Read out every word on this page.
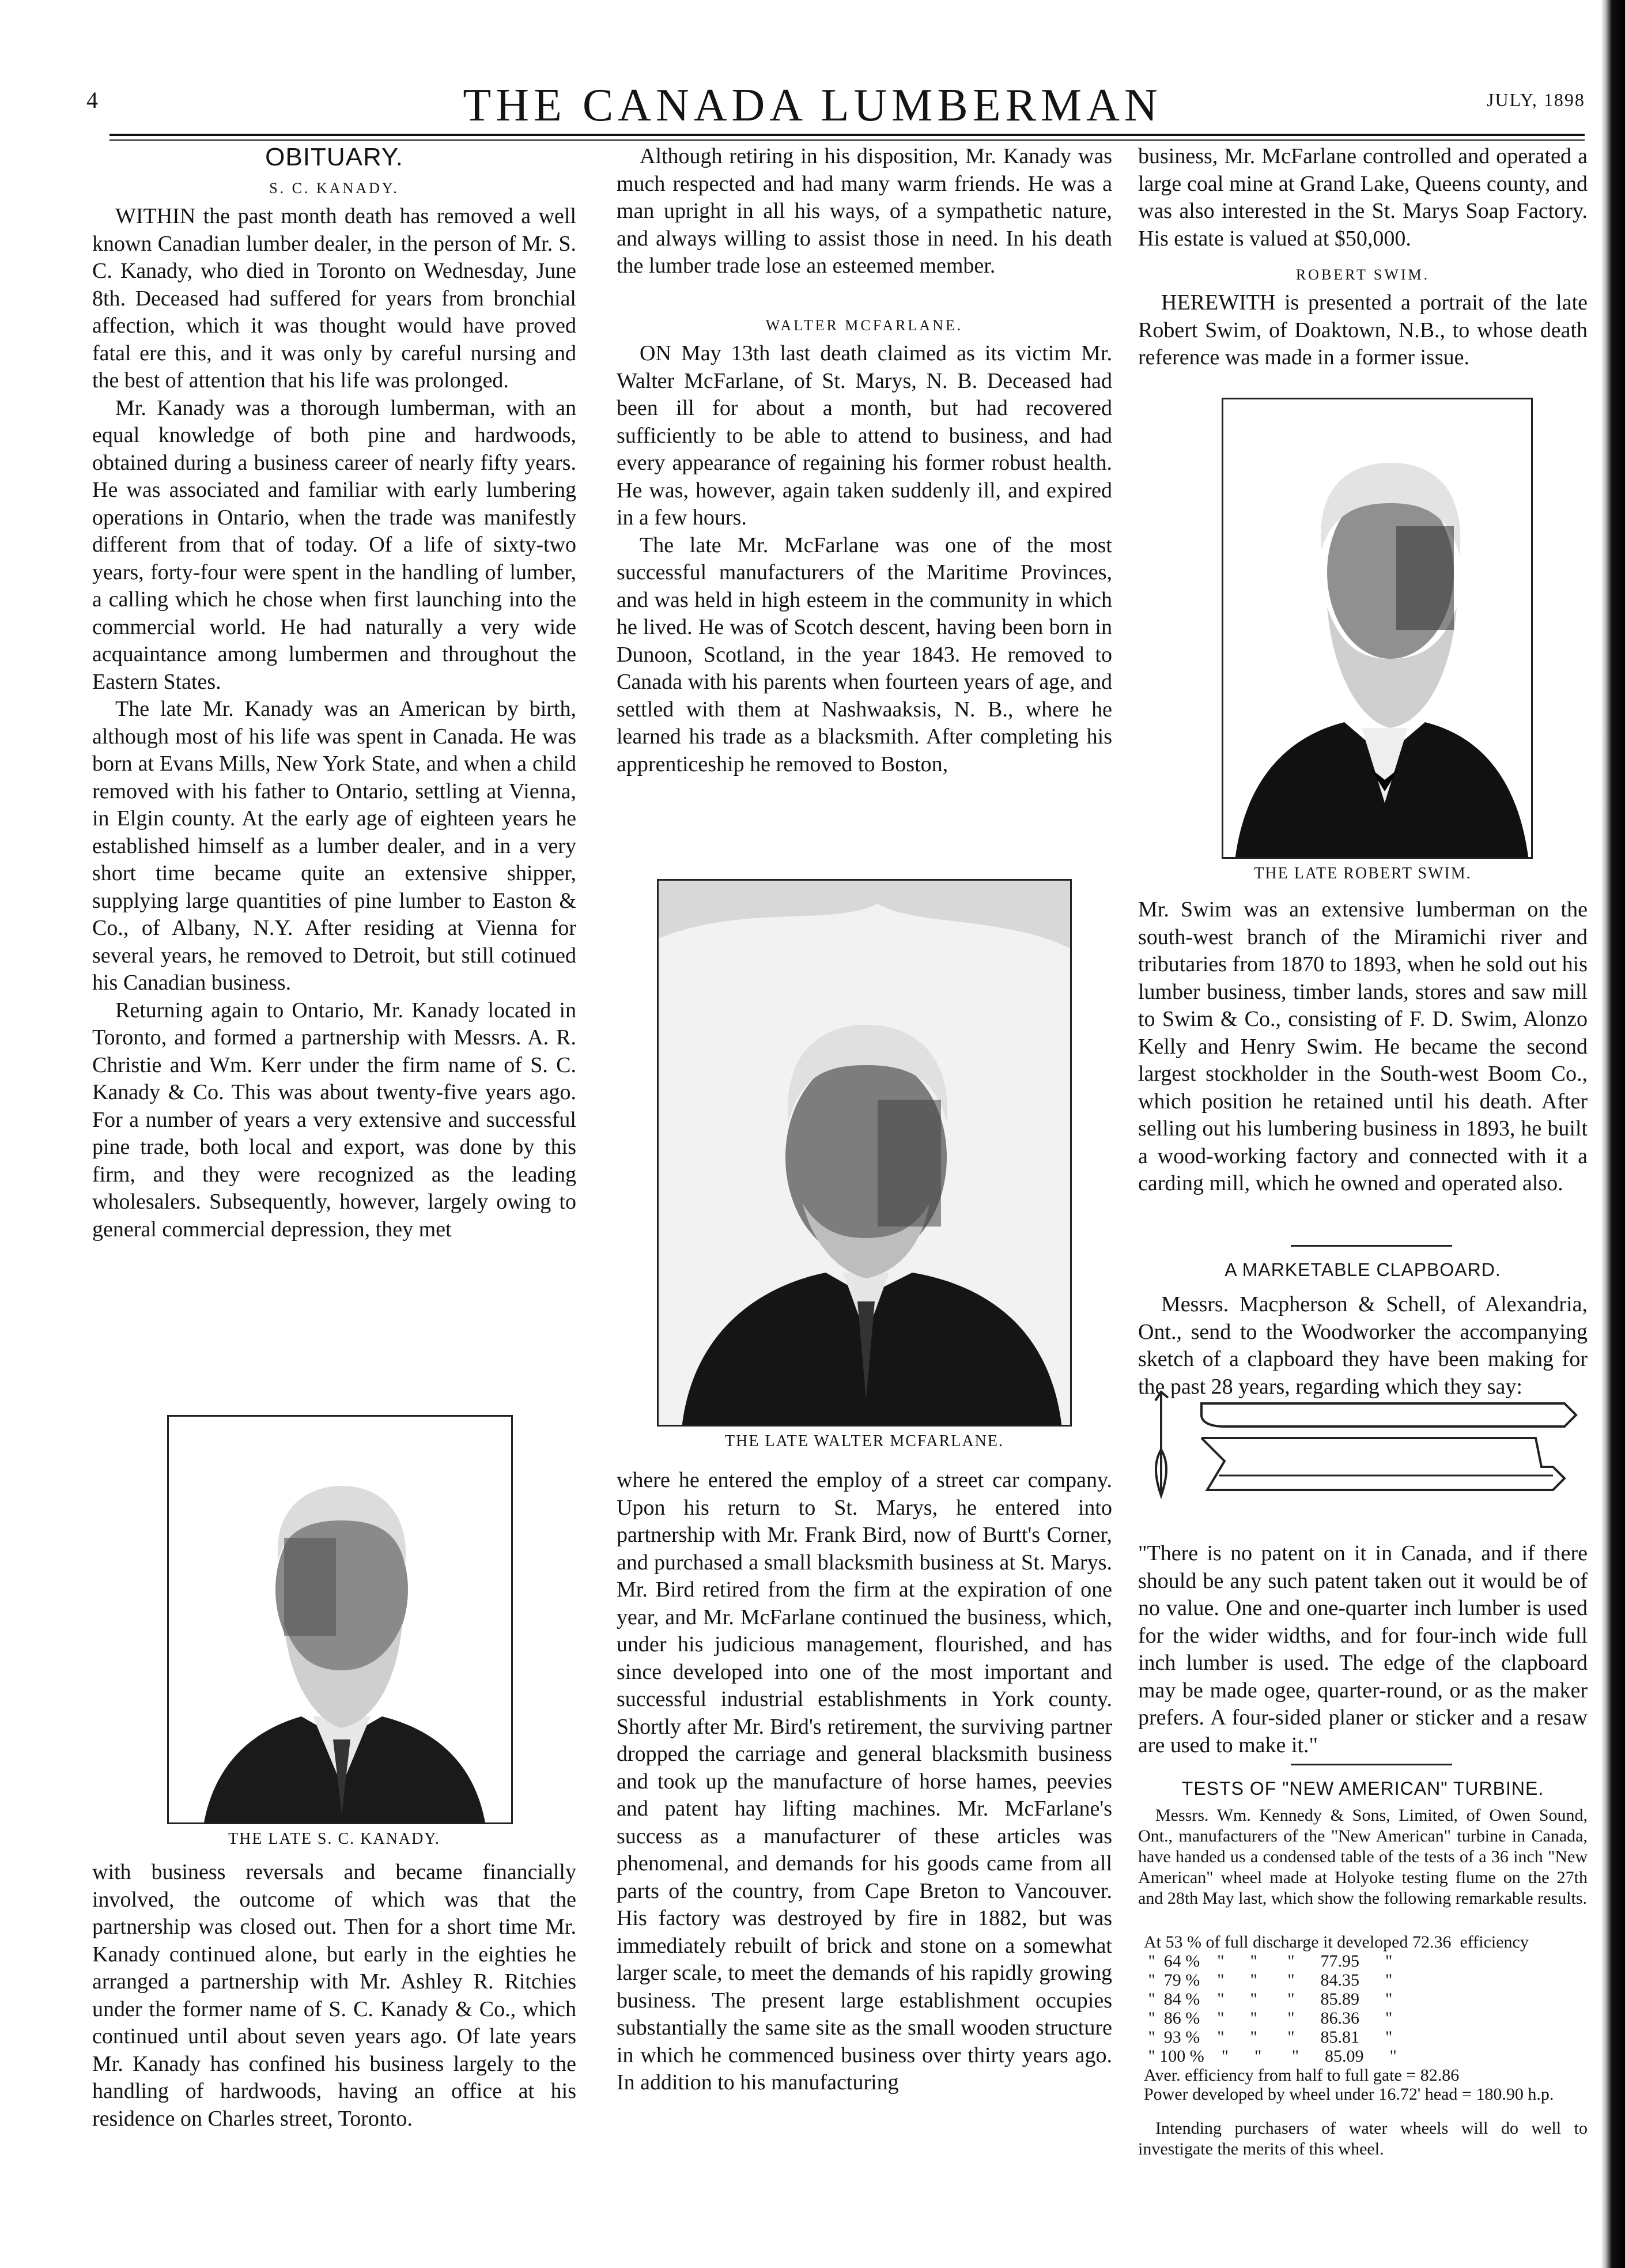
4	THE CANADA LUMBERMAN	JULY, 1898
OBITUARY.
S. C. KANADY.

WITHIN the past month death has removed a well known Canadian lumber dealer, in the person of Mr. S. C. Kanady, who died in Toronto on Wednesday, June 8th. Deceased had suffered for years from bronchial affection, which it was thought would have proved fatal ere this, and it was only by careful nursing and the best of attention that his life was prolonged.

Mr. Kanady was a thorough lumberman, with an equal knowledge of both pine and hardwoods, obtained during a business career of nearly fifty years. He was associated and familiar with early lumbering operations in Ontario, when the trade was manifestly different from that of today. Of a life of sixty-two years, forty-four were spent in the handling of lumber, a calling which he chose when first launching into the commercial world. He had naturally a very wide acquaintance among lumbermen and throughout the Eastern States.

The late Mr. Kanady was an American by birth, although most of his life was spent in Canada. He was born at Evans Mills, New York State, and when a child removed with his father to Ontario, settling at Vienna, in Elgin county. At the early age of eighteen years he established himself as a lumber dealer, and in a very short time became quite an extensive shipper, supplying large quantities of pine lumber to Easton & Co., of Albany, N.Y. After residing at Vienna for several years, he removed to Detroit, but still cotinued his Canadian business.

Returning again to Ontario, Mr. Kanady located in Toronto, and formed a partnership with Messrs. A. R. Christie and Wm. Kerr under the firm name of S. C. Kanady & Co. This was about twenty-five years ago. For a number of years a very extensive and successful pine trade, both local and export, was done by this firm, and they were recognized as the leading wholesalers. Subsequently, however, largely owing to general commercial depression, they met

THE LATE S. C. KANADY.

with business reversals and became financially involved, the outcome of which was that the partnership was closed out. Then for a short time Mr. Kanady continued alone, but early in the eighties he arranged a partnership with Mr. Ashley R. Ritchies under the former name of S. C. Kanady & Co., which continued until about seven years ago. Of late years Mr. Kanady has confined his business largely to the handling of hardwoods, having an office at his residence on Charles street, Toronto.

Although retiring in his disposition, Mr. Kanady was much respected and had many warm friends. He was a man upright in all his ways, of a sympathetic nature, and always willing to assist those in need. In his death the lumber trade lose an esteemed member.

WALTER MCFARLANE.

ON May 13th last death claimed as its victim Mr. Walter McFarlane, of St. Marys, N. B. Deceased had been ill for about a month, but had recovered sufficiently to be able to attend to business, and had every appearance of regaining his former robust health. He was, however, again taken suddenly ill, and expired in a few hours.

The late Mr. McFarlane was one of the most successful manufacturers of the Maritime Provinces, and was held in high esteem in the community in which he lived. He was of Scotch descent, having been born in Dunoon, Scotland, in the year 1843. He removed to Canada with his parents when fourteen years of age, and settled with them at Nashwaaksis, N. B., where he learned his trade as a blacksmith. After completing his apprenticeship he removed to Boston,

THE LATE WALTER MCFARLANE.

where he entered the employ of a street car company. Upon his return to St. Marys, he entered into partnership with Mr. Frank Bird, now of Burtt's Corner, and purchased a small blacksmith business at St. Marys. Mr. Bird retired from the firm at the expiration of one year, and Mr. McFarlane continued the business, which, under his judicious management, flourished, and has since developed into one of the most important and successful industrial establishments in York county. Shortly after Mr. Bird's retirement, the surviving partner dropped the carriage and general blacksmith business and took up the manufacture of horse hames, peevies and patent hay lifting machines. Mr. McFarlane's success as a manufacturer of these articles was phenomenal, and demands for his goods came from all parts of the country, from Cape Breton to Vancouver. His factory was destroyed by fire in 1882, but was immediately rebuilt of brick and stone on a somewhat larger scale, to meet the demands of his rapidly growing business. The present large establishment occupies substantially the same site as the small wooden structure in which he commenced business over thirty years ago. In addition to his manufacturing

business, Mr. McFarlane controlled and operated a large coal mine at Grand Lake, Queens county, and was also interested in the St. Marys Soap Factory. His estate is valued at $50,000.

ROBERT SWIM.

HEREWITH is presented a portrait of the late Robert Swim, of Doaktown, N.B., to whose death reference was made in a former issue.

THE LATE ROBERT SWIM.

Mr. Swim was an extensive lumberman on the south-west branch of the Miramichi river and tributaries from 1870 to 1893, when he sold out his lumber business, timber lands, stores and saw mill to Swim & Co., consisting of F. D. Swim, Alonzo Kelly and Henry Swim. He became the second largest stockholder in the South-west Boom Co., which position he retained until his death. After selling out his lumbering business in 1893, he built a wood-working factory and connected with it a carding mill, which he owned and operated also.

A MARKETABLE CLAPBOARD.

Messrs. Macpherson & Schell, of Alexandria, Ont., send to the Woodworker the accompanying sketch of a clapboard they have been making for the past 28 years, regarding which they say:

"There is no patent on it in Canada, and if there should be any such patent taken out it would be of no value. One and one-quarter inch lumber is used for the wider widths, and for four-inch wide full inch lumber is used. The edge of the clapboard may be made ogee, quarter-round, or as the maker prefers. A four-sided planer or sticker and a resaw are used to make it."

TESTS OF "NEW AMERICAN" TURBINE.

Messrs. Wm. Kennedy & Sons, Limited, of Owen Sound, Ont., manufacturers of the "New American" turbine in Canada, have handed us a condensed table of the tests of a 36 inch "New American" wheel made at Holyoke testing flume on the 27th and 28th May last, which show the following remarkable results.

At 53 % of full discharge it developed 72.36  efficiency
"  64 %    "      "       "      77.95      "
"  79 %    "      "       "      84.35      "
"  84 %    "      "       "      85.89      "
"  86 %    "      "       "      86.36      "
"  93 %    "      "       "      85.81      "
" 100 %    "      "       "      85.09      "
Aver. efficiency from half to full gate = 82.86
Power developed by wheel under 16.72' head = 180.90 h.p.

Intending purchasers of water wheels will do well to investigate the merits of this wheel.
